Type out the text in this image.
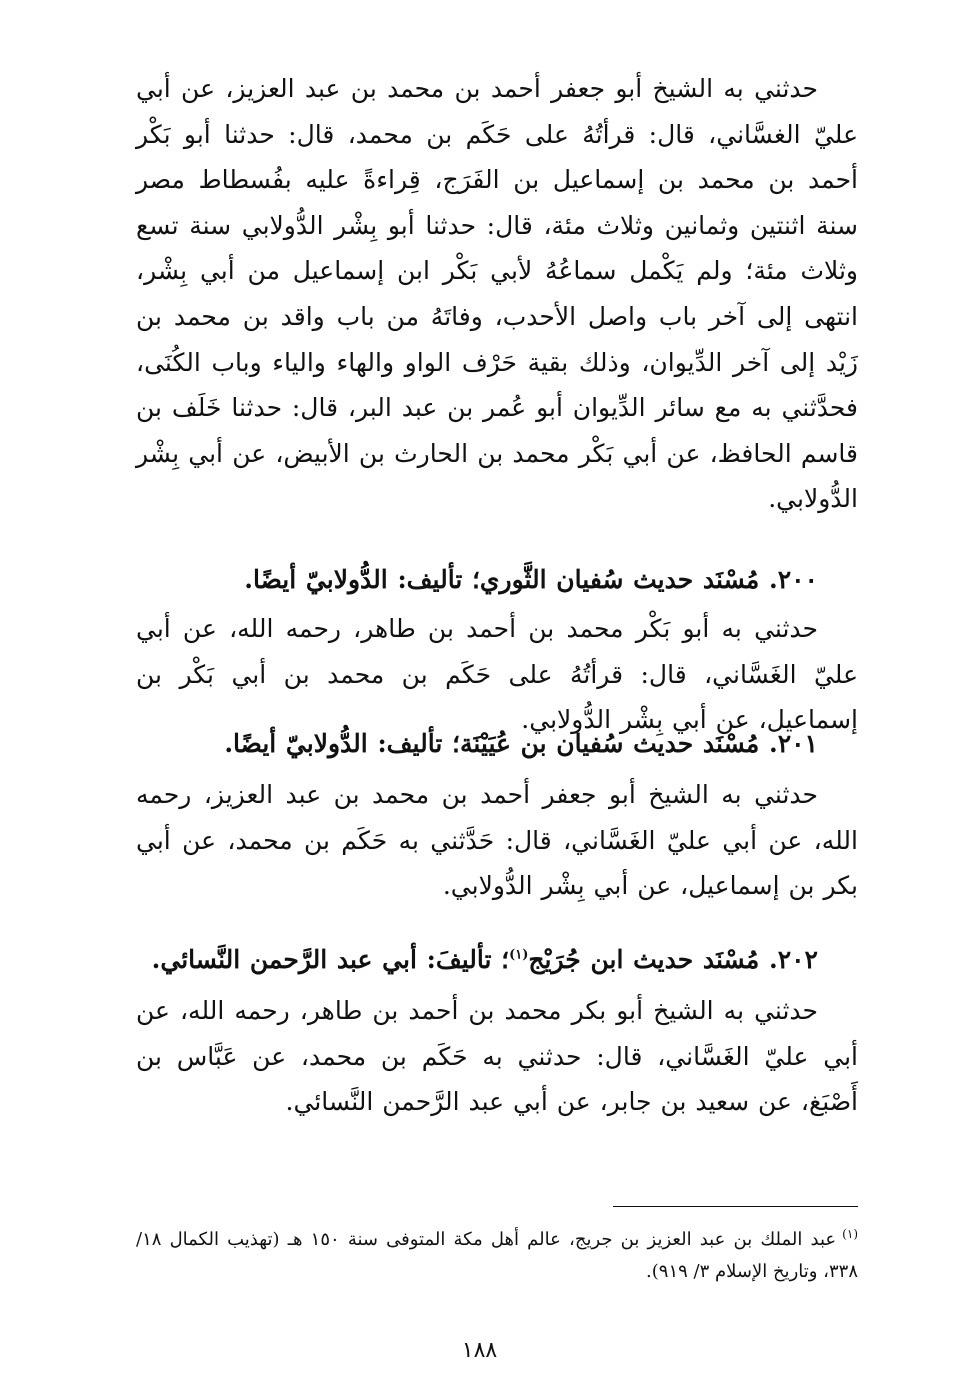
حدثني به الشيخ أبو جعفر أحمد بن محمد بن عبد العزيز، عن أبي عليّ الغسَّاني، قال: قرأتُهُ على حَكَم بن محمد، قال: حدثنا أبو بَكْر أحمد بن محمد بن إسماعيل بن الفَرَج، قِراءةً عليه بفُسطاط مصر سنة اثنتين وثمانين وثلاث مئة، قال: حدثنا أبو بِشْر الدُّولابي سنة تسع وثلاث مئة؛ ولم يَكْمل سماعُهُ لأبي بَكْر ابن إسماعيل من أبي بِشْر، انتهى إلى آخر باب واصل الأحدب، وفاتَهُ من باب واقد بن محمد بن زَيْد إلى آخر الدِّيوان، وذلك بقية حَرْف الواو والهاء والياء وباب الكُنَى، فحدَّثني به مع سائر الدِّيوان أبو عُمر بن عبد البر، قال: حدثنا خَلَف بن قاسم الحافظ، عن أبي بَكْر محمد بن الحارث بن الأبيض، عن أبي بِشْر الدُّولابي.

٢٠٠. مُسْنَد حديث سُفيان الثَّوري؛ تأليف: الدُّولابيّ أيضًا.

حدثني به أبو بَكْر محمد بن أحمد بن طاهر، رحمه الله، عن أبي عليّ الغَسَّاني، قال: قرأتُهُ على حَكَم بن محمد بن أبي بَكْر بن إسماعيل، عن أبي بِشْر الدُّولابي.

٢٠١. مُسْنَد حديث سُفيان بن عُيَيْنَة؛ تأليف: الدُّولابيّ أيضًا.

حدثني به الشيخ أبو جعفر أحمد بن محمد بن عبد العزيز، رحمه الله، عن أبي عليّ الغَسَّاني، قال: حَدَّثني به حَكَم بن محمد، عن أبي بكر بن إسماعيل، عن أبي بِشْر الدُّولابي.

٢٠٢. مُسْنَد حديث ابن جُرَيْج$^{(١)}$؛ تأليفَ: أبي عبد الرَّحمن النَّسائي.

حدثني به الشيخ أبو بكر محمد بن أحمد بن طاهر، رحمه الله، عن أبي عليّ الغَسَّاني، قال: حدثني به حَكَم بن محمد، عن عَبَّاس بن أَصْبَغ، عن سعيد بن جابر، عن أبي عبد الرَّحمن النَّسائي.

$^{(١)}$عبد الملك بن عبد العزيز بن جريج، عالم أهل مكة المتوفى سنة ١٥٠ هـ (تهذيب الكمال ١٨/ ٣٣٨، وتاريخ الإسلام ٣/ ٩١٩).
١٨٨
